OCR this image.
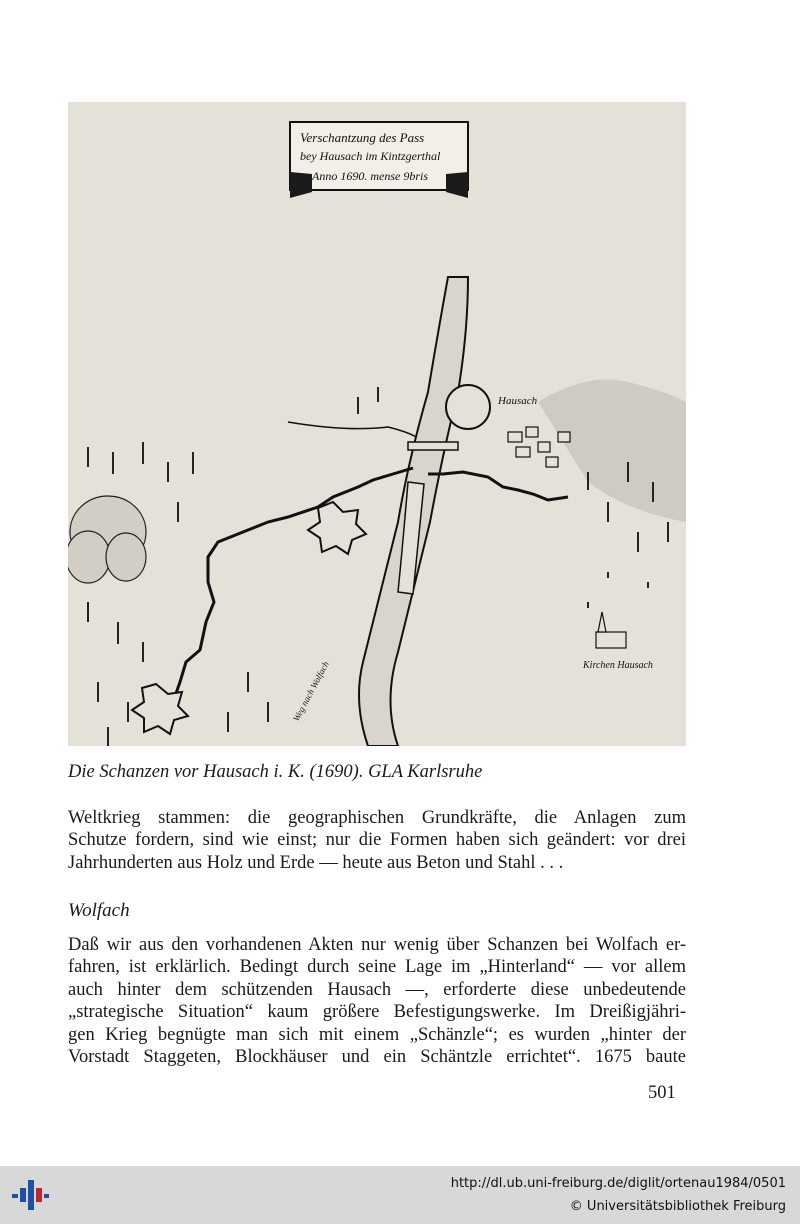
Verschantzung des Pass
bey Hausach im Kintzgerthal
Anno 1690. mense 9bris
Hausach
Kirchen Hausach
Weg nach Wolfach

Die Schanzen vor Hausach i. K. (1690). GLA Karlsruhe

Weltkrieg stammen: die geographischen Grundkräfte, die Anlagen zum
Schutze fordern, sind wie einst; nur die Formen haben sich geändert: vor drei
Jahrhunderten aus Holz und Erde — heute aus Beton und Stahl . . .

Wolfach

Daß wir aus den vorhandenen Akten nur wenig über Schanzen bei Wolfach er-
fahren, ist erklärlich. Bedingt durch seine Lage im „Hinterland“ — vor allem
auch hinter dem schützenden Hausach —, erforderte diese unbedeutende
„strategische Situation“ kaum größere Befestigungswerke. Im Dreißigjähri-
gen Krieg begnügte man sich mit einem „Schänzle“; es wurden „hinter der
Vorstadt Staggeten, Blockhäuser und ein Schäntzle errichtet“. 1675 baute

501
http://dl.ub.uni-freiburg.de/diglit/ortenau1984/0501
© Universitätsbibliothek Freiburg
